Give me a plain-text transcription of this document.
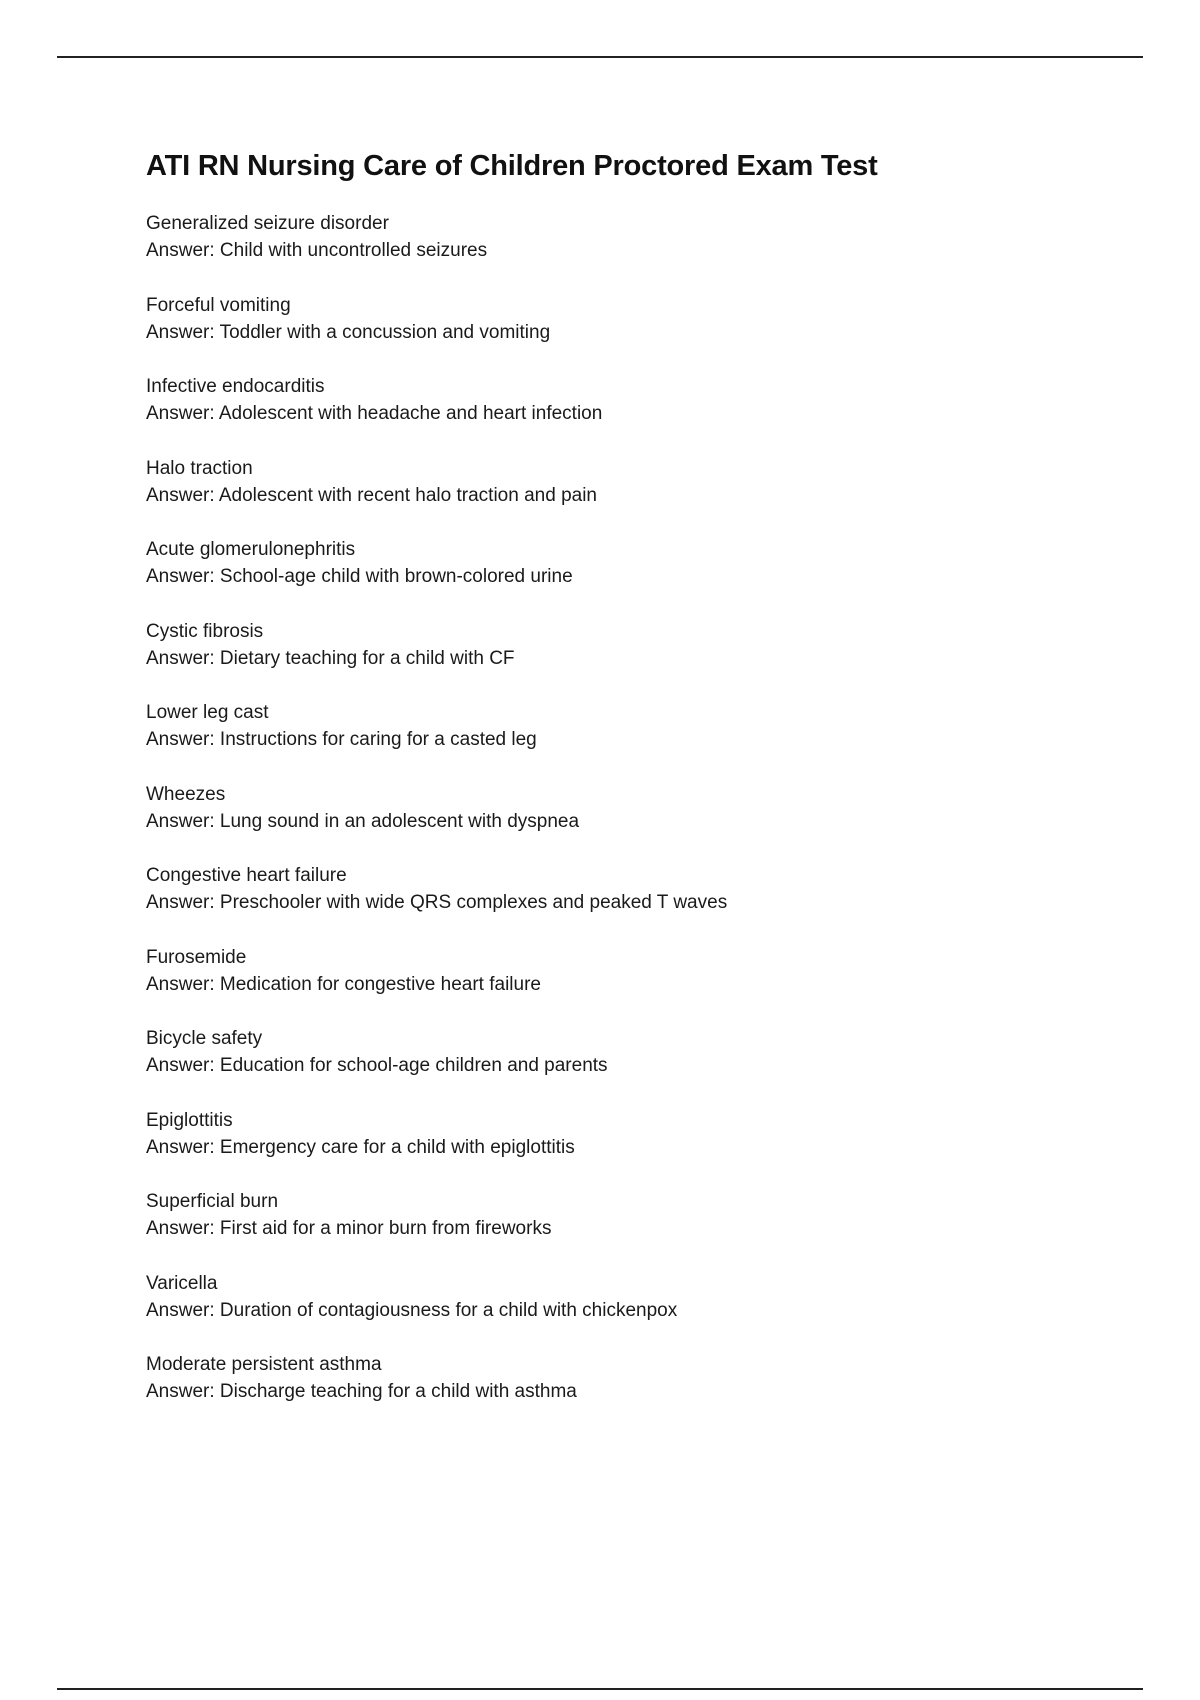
ATI RN Nursing Care of Children Proctored Exam Test
Generalized seizure disorder
Answer: Child with uncontrolled seizures
Forceful vomiting
Answer: Toddler with a concussion and vomiting
Infective endocarditis
Answer: Adolescent with headache and heart infection
Halo traction
Answer: Adolescent with recent halo traction and pain
Acute glomerulonephritis
Answer: School-age child with brown-colored urine
Cystic fibrosis
Answer: Dietary teaching for a child with CF
Lower leg cast
Answer: Instructions for caring for a casted leg
Wheezes
Answer: Lung sound in an adolescent with dyspnea
Congestive heart failure
Answer: Preschooler with wide QRS complexes and peaked T waves
Furosemide
Answer: Medication for congestive heart failure
Bicycle safety
Answer: Education for school-age children and parents
Epiglottitis
Answer: Emergency care for a child with epiglottitis
Superficial burn
Answer: First aid for a minor burn from fireworks
Varicella
Answer: Duration of contagiousness for a child with chickenpox
Moderate persistent asthma
Answer: Discharge teaching for a child with asthma
